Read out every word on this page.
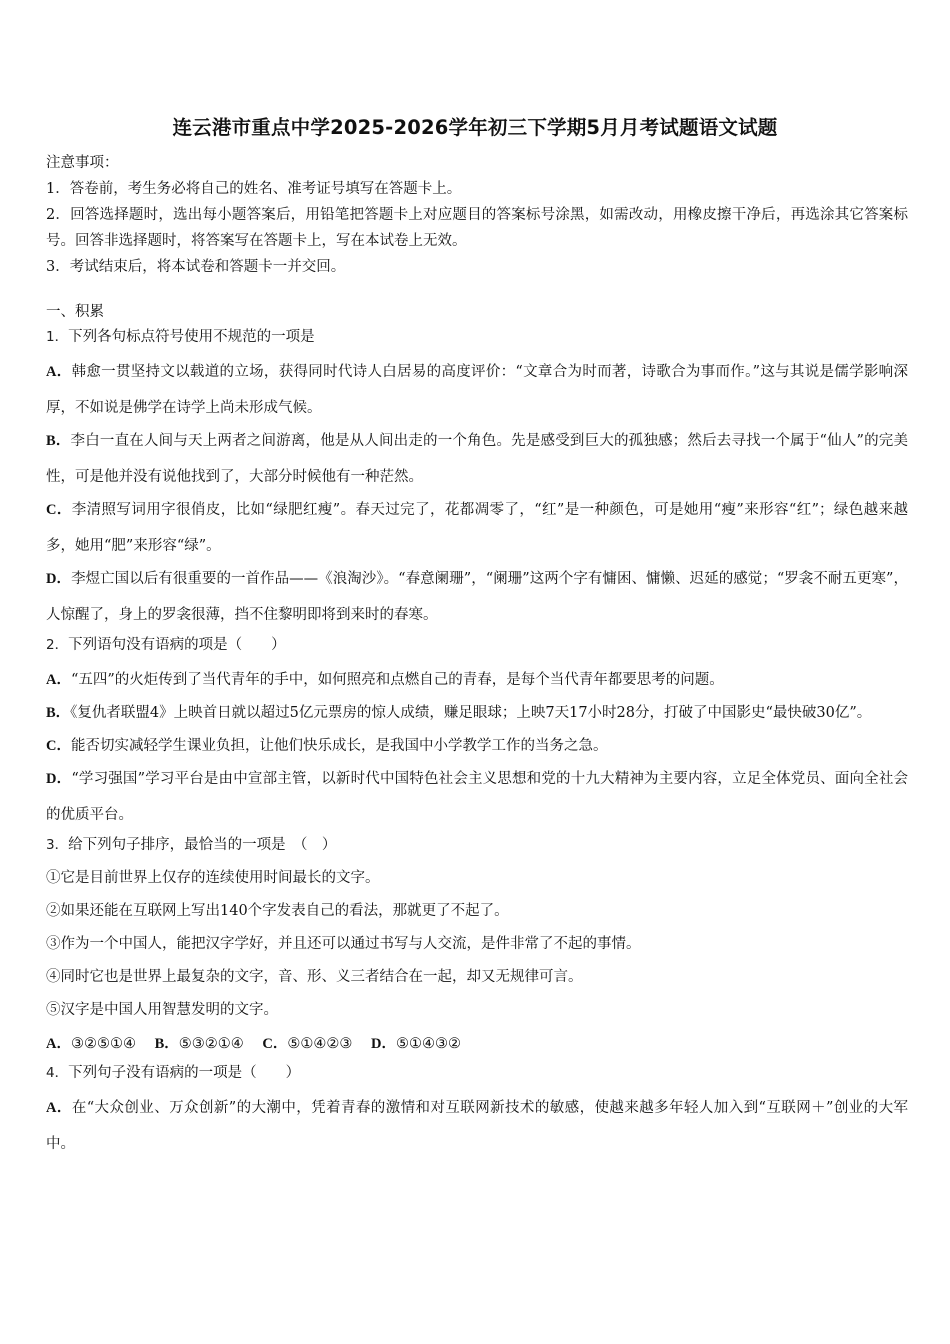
连云港市重点中学2025-2026学年初三下学期5月月考试题语文试题
注意事项：
1．答卷前，考生务必将自己的姓名、准考证号填写在答题卡上。
2．回答选择题时，选出每小题答案后，用铅笔把答题卡上对应题目的答案标号涂黑，如需改动，用橡皮擦干净后，再选涂其它答案标号。回答非选择题时，将答案写在答题卡上，写在本试卷上无效。
3．考试结束后，将本试卷和答题卡一并交回。
一、积累
1．下列各句标点符号使用不规范的一项是
A．韩愈一贯坚持文以载道的立场，获得同时代诗人白居易的高度评价：“文章合为时而著，诗歌合为事而作。”这与其说是儒学影响深厚，不如说是佛学在诗学上尚未形成气候。
B．李白一直在人间与天上两者之间游离，他是从人间出走的一个角色。先是感受到巨大的孤独感；然后去寻找一个属于“仙人”的完美性，可是他并没有说他找到了，大部分时候他有一种茫然。
C．李清照写词用字很俏皮，比如“绿肥红瘦”。春天过完了，花都凋零了，“红”是一种颜色，可是她用“瘦”来形容“红”；绿色越来越多，她用“肥”来形容“绿”。
D．李煜亡国以后有很重要的一首作品——《浪淘沙》。“春意阑珊”，“阑珊”这两个字有慵困、慵懒、迟延的感觉；“罗衾不耐五更寒”，人惊醒了，身上的罗衾很薄，挡不住黎明即将到来时的春寒。
2．下列语句没有语病的项是（　　）
A．“五四”的火炬传到了当代青年的手中，如何照亮和点燃自己的青春，是每个当代青年都要思考的问题。
B．《复仇者联盟4》上映首日就以超过5亿元票房的惊人成绩，赚足眼球；上映7天17小时28分，打破了中国影史“最快破30亿”。
C．能否切实减轻学生课业负担，让他们快乐成长，是我国中小学教学工作的当务之急。
D．“学习强国”学习平台是由中宣部主管，以新时代中国特色社会主义思想和党的十九大精神为主要内容，立足全体党员、面向全社会的优质平台。
3．给下列句子排序，最恰当的一项是　（　）
①它是目前世界上仅存的连续使用时间最长的文字。
②如果还能在互联网上写出140个字发表自己的看法，那就更了不起了。
③作为一个中国人，能把汉字学好，并且还可以通过书写与人交流，是件非常了不起的事情。
④同时它也是世界上最复杂的文字，音、形、义三者结合在一起，却又无规律可言。
⑤汉字是中国人用智慧发明的文字。
A．③②⑤①④ B．⑤③②①④ C．⑤①④②③ D．⑤①④③②
4．下列句子没有语病的一项是（　　）
A．在“大众创业、万众创新”的大潮中，凭着青春的激情和对互联网新技术的敏感，使越来越多年轻人加入到“互联网＋”创业的大军中。
